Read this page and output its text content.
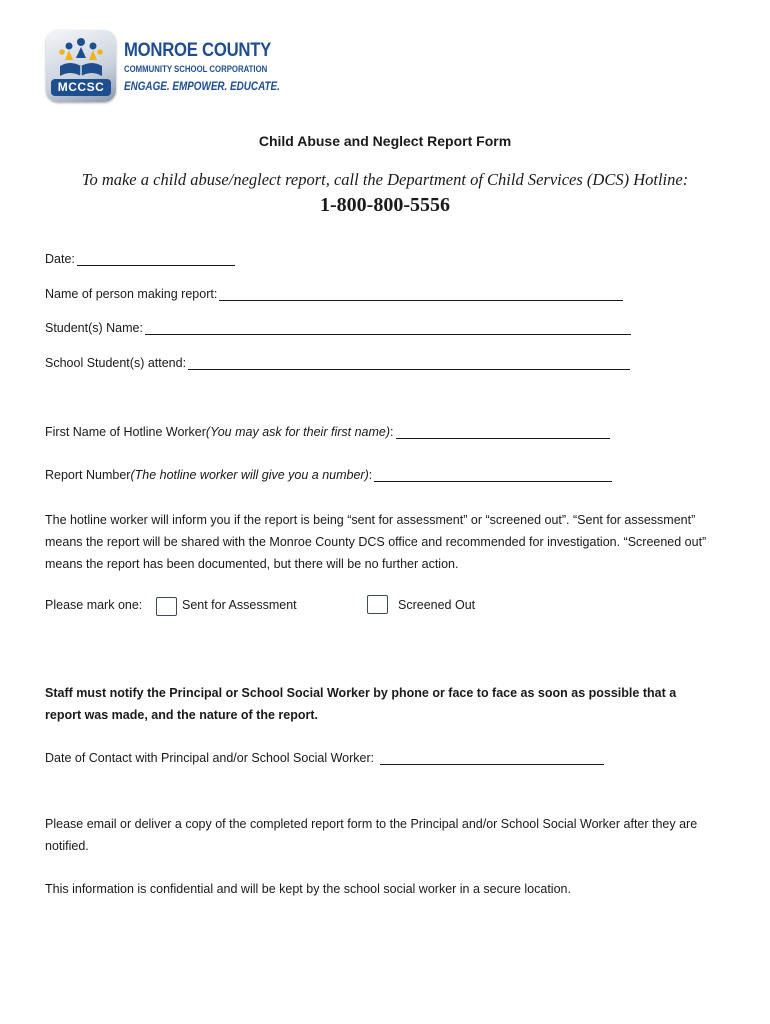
MCCSC
MONROE COUNTY
COMMUNITY SCHOOL CORPORATION
ENGAGE. EMPOWER. EDUCATE.
Child Abuse and Neglect Report Form
To make a child abuse/neglect report, call the Department of Child Services (DCS) Hotline:
1-800-800-5556
Date:
Name of person making report:
Student(s) Name:
School Student(s) attend:
First Name of Hotline Worker (You may ask for their first name) :
Report Number (The hotline worker will give you a number) :
The hotline worker will inform you if the report is being “sent for assessment” or “screened out”. “Sent for assessment” means the report will be shared with the Monroe County DCS office and recommended for investigation. “Screened out” means the report has been documented, but there will be no further action.
Please mark one:	Sent for Assessment	Screened Out
Staff must notify the Principal or School Social Worker by phone or face to face as soon as possible that a report was made, and the nature of the report.
Date of Contact with Principal and/or School Social Worker:
Please email or deliver a copy of the completed report form to the Principal and/or School Social Worker after they are notified.
This information is confidential and will be kept by the school social worker in a secure location.
